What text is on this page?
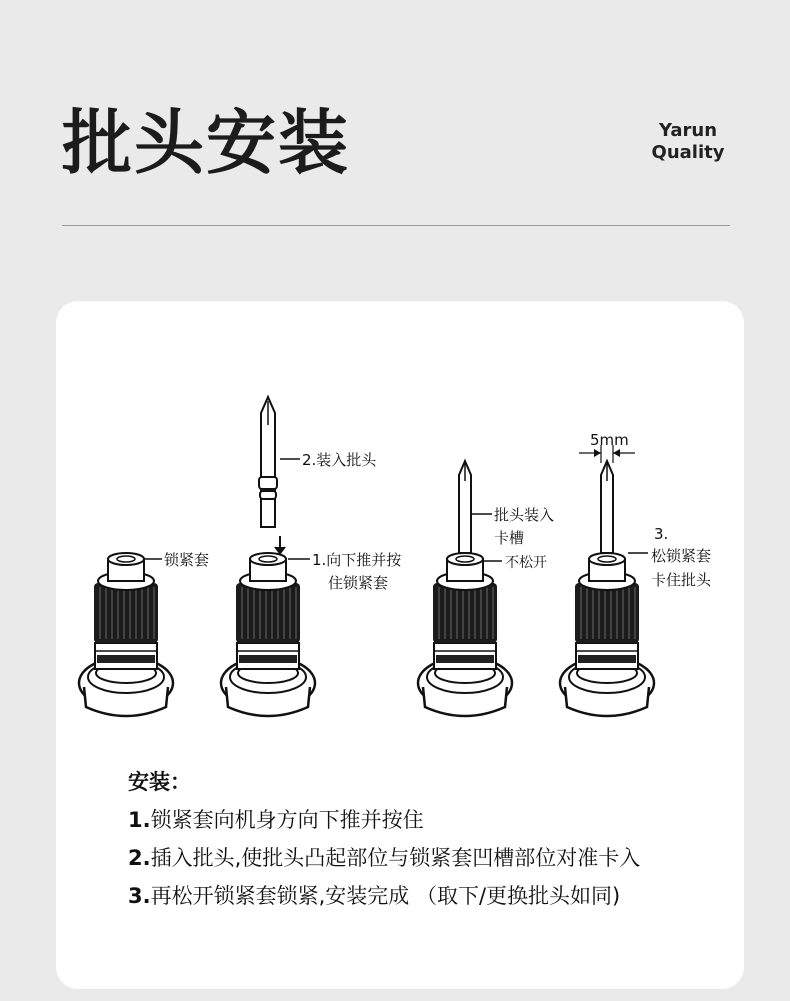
批头安装	Yarun
Quality
锁紧套
2.装入批头
1.向下推并按
住锁紧套
批头装入
卡槽
不松开
5mm
3.
松锁紧套
卡住批头
安装：
1.锁紧套向机身方向下推并按住
2.插入批头,使批头凸起部位与锁紧套凹槽部位对准卡入
3.再松开锁紧套锁紧,安装完成 （取下/更换批头如同)
